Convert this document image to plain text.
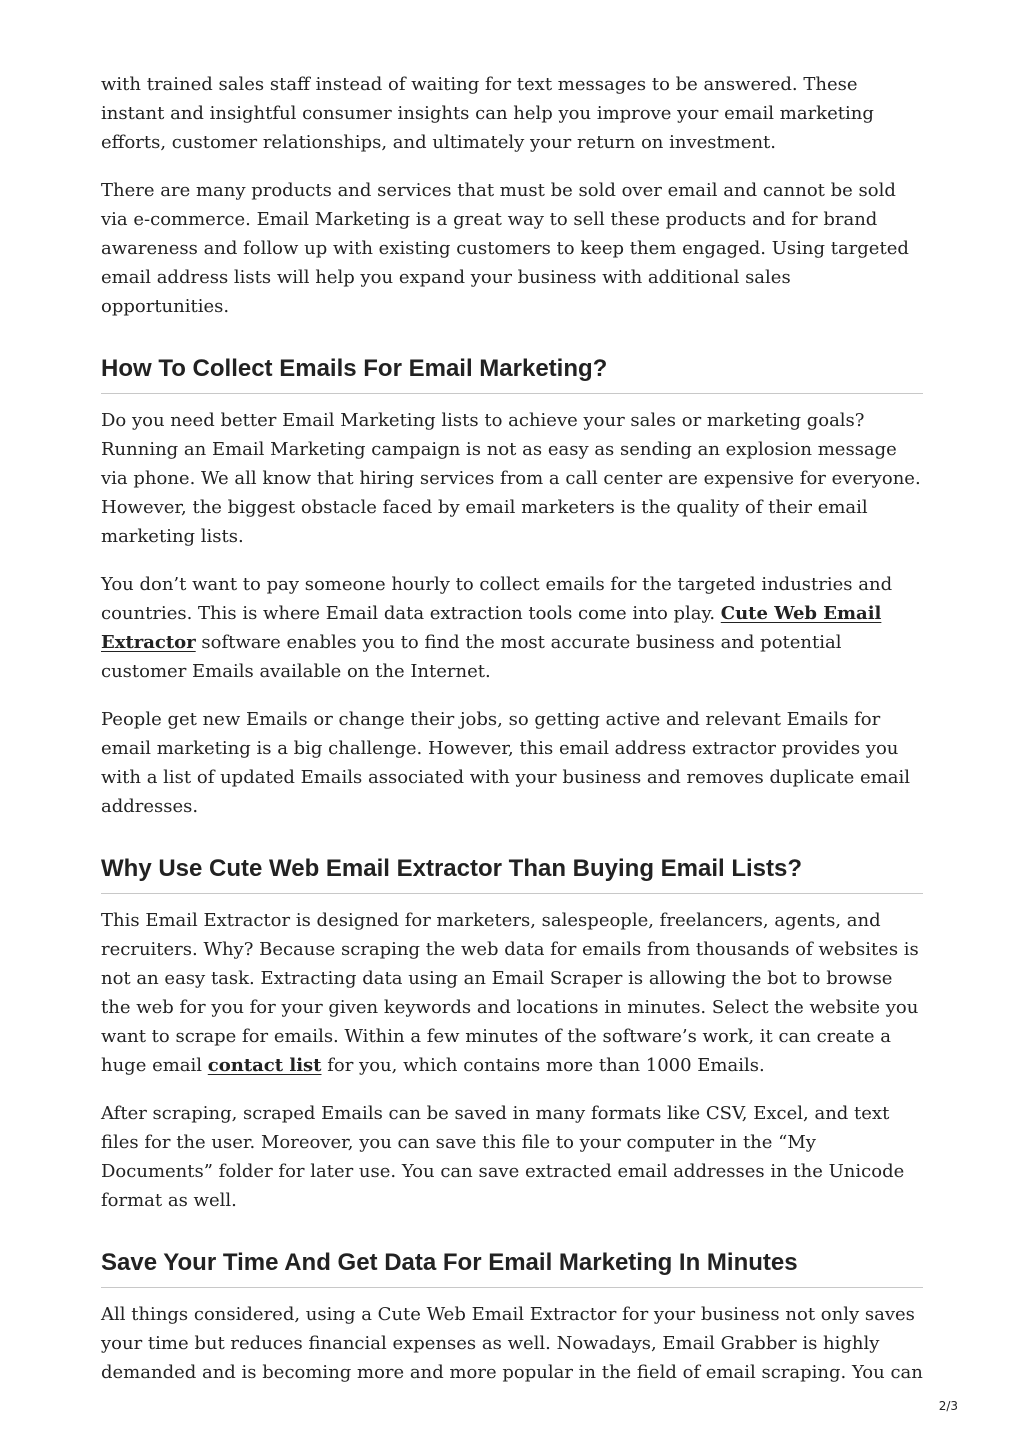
with trained sales staff instead of waiting for text messages to be answered. These instant and insightful consumer insights can help you improve your email marketing efforts, customer relationships, and ultimately your return on investment.

There are many products and services that must be sold over email and cannot be sold via e-commerce. Email Marketing is a great way to sell these products and for brand awareness and follow up with existing customers to keep them engaged. Using targeted email address lists will help you expand your business with additional sales opportunities.

How To Collect Emails For Email Marketing?

Do you need better Email Marketing lists to achieve your sales or marketing goals? Running an Email Marketing campaign is not as easy as sending an explosion message via phone. We all know that hiring services from a call center are expensive for everyone. However, the biggest obstacle faced by email marketers is the quality of their email marketing lists.

You don’t want to pay someone hourly to collect emails for the targeted industries and countries. This is where Email data extraction tools come into play. Cute Web Email Extractor software enables you to find the most accurate business and potential customer Emails available on the Internet.

People get new Emails or change their jobs, so getting active and relevant Emails for email marketing is a big challenge. However, this email address extractor provides you with a list of updated Emails associated with your business and removes duplicate email addresses.

Why Use Cute Web Email Extractor Than Buying Email Lists?

This Email Extractor is designed for marketers, salespeople, freelancers, agents, and recruiters. Why? Because scraping the web data for emails from thousands of websites is not an easy task. Extracting data using an Email Scraper is allowing the bot to browse the web for you for your given keywords and locations in minutes. Select the website you want to scrape for emails. Within a few minutes of the software’s work, it can create a huge email contact list for you, which contains more than 1000 Emails.

After scraping, scraped Emails can be saved in many formats like CSV, Excel, and text files for the user. Moreover, you can save this file to your computer in the “My Documents” folder for later use. You can save extracted email addresses in the Unicode format as well.

Save Your Time And Get Data For Email Marketing In Minutes

All things considered, using a Cute Web Email Extractor for your business not only saves your time but reduces financial expenses as well. Nowadays, Email Grabber is highly demanded and is becoming more and more popular in the field of email scraping. You can

2/3
